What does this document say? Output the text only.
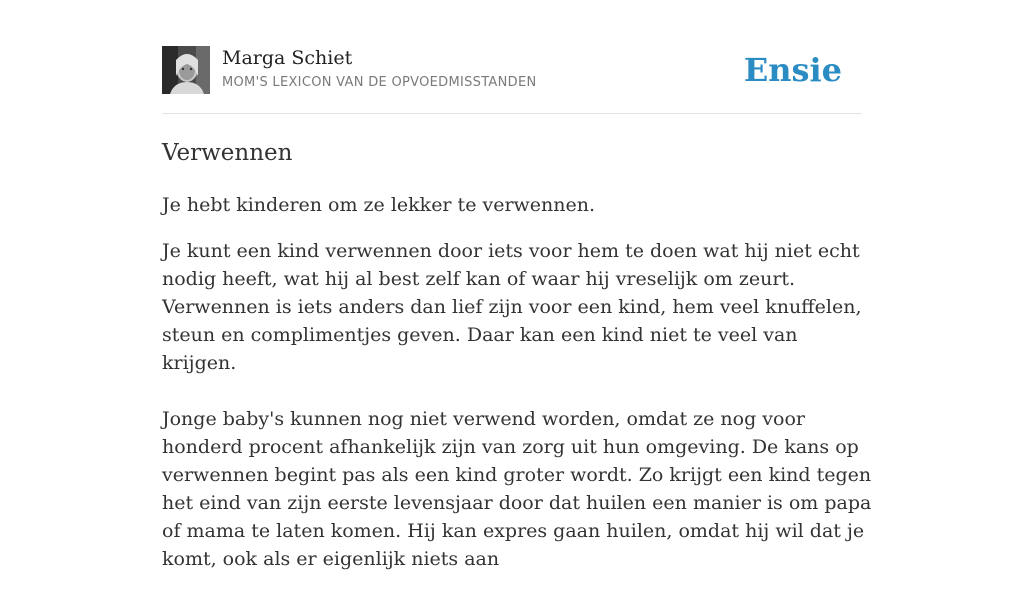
Marga Schiet
MOM'S LEXICON VAN DE OPVOEDMISSTANDEN	Ensie
Verwennen

Je hebt kinderen om ze lekker te verwennen.

Je kunt een kind verwennen door iets voor hem te doen wat hij niet echt nodig heeft, wat hij al best zelf kan of waar hij vreselijk om zeurt. Verwennen is iets anders dan lief zijn voor een kind, hem veel knuffelen, steun en complimentjes geven. Daar kan een kind niet te veel van krijgen.

Jonge baby's kunnen nog niet verwend worden, omdat ze nog voor honderd procent afhankelijk zijn van zorg uit hun omgeving. De kans op verwennen begint pas als een kind groter wordt. Zo krijgt een kind tegen het eind van zijn eerste levensjaar door dat huilen een manier is om papa of mama te laten komen. Hij kan expres gaan huilen, omdat hij wil dat je komt, ook als er eigenlijk niets aan
